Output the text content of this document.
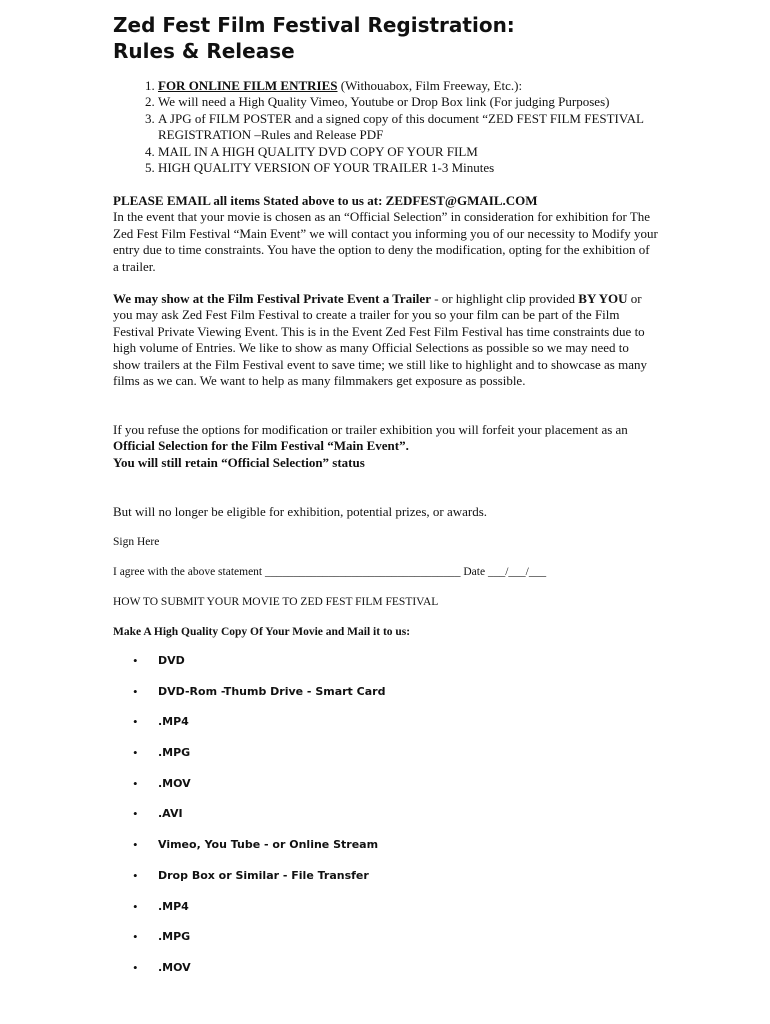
Zed Fest Film Festival Registration:
Rules & Release
1. FOR ONLINE FILM ENTRIES (Withouabox, Film Freeway, Etc.):
2. We will need a High Quality Vimeo, Youtube or Drop Box link (For judging Purposes)
3. A JPG of FILM POSTER and a signed copy of this document “ZED FEST FILM FESTIVAL REGISTRATION –Rules and Release PDF
4. MAIL IN A HIGH QUALITY DVD COPY OF YOUR FILM
5. HIGH QUALITY VERSION OF YOUR TRAILER 1-3 Minutes

PLEASE EMAIL all items Stated above to us at: ZEDFEST@GMAIL.COM
In the event that your movie is chosen as an “Official Selection” in consideration for exhibition for The Zed Fest Film Festival “Main Event” we will contact you informing you of our necessity to Modify your entry due to time constraints. You have the option to deny the modification, opting for the exhibition of a trailer.

We may show at the Film Festival Private Event a Trailer - or highlight clip provided BY YOU or you may ask Zed Fest Film Festival to create a trailer for you so your film can be part of the Film Festival Private Viewing Event. This is in the Event Zed Fest Film Festival has time constraints due to high volume of Entries. We like to show as many Official Selections as possible so we may need to show trailers at the Film Festival event to save time; we still like to highlight and to showcase as many films as we can. We want to help as many filmmakers get exposure as possible.

If you refuse the options for modification or trailer exhibition you will forfeit your placement as an
Official Selection for the Film Festival “Main Event”.
You will still retain “Official Selection” status

But will no longer be eligible for exhibition, potential prizes, or awards.

Sign Here

I agree with the above statement __________________________________ Date ___/___/___

HOW TO SUBMIT YOUR MOVIE TO ZED FEST FILM FESTIVAL

Make A High Quality Copy Of Your Movie and Mail it to us:

• DVD
• DVD-Rom -Thumb Drive - Smart Card
• .MP4
• .MPG
• .MOV
• .AVI
• Vimeo, You Tube - or Online Stream
• Drop Box or Similar - File Transfer
• .MP4
• .MPG
• .MOV
